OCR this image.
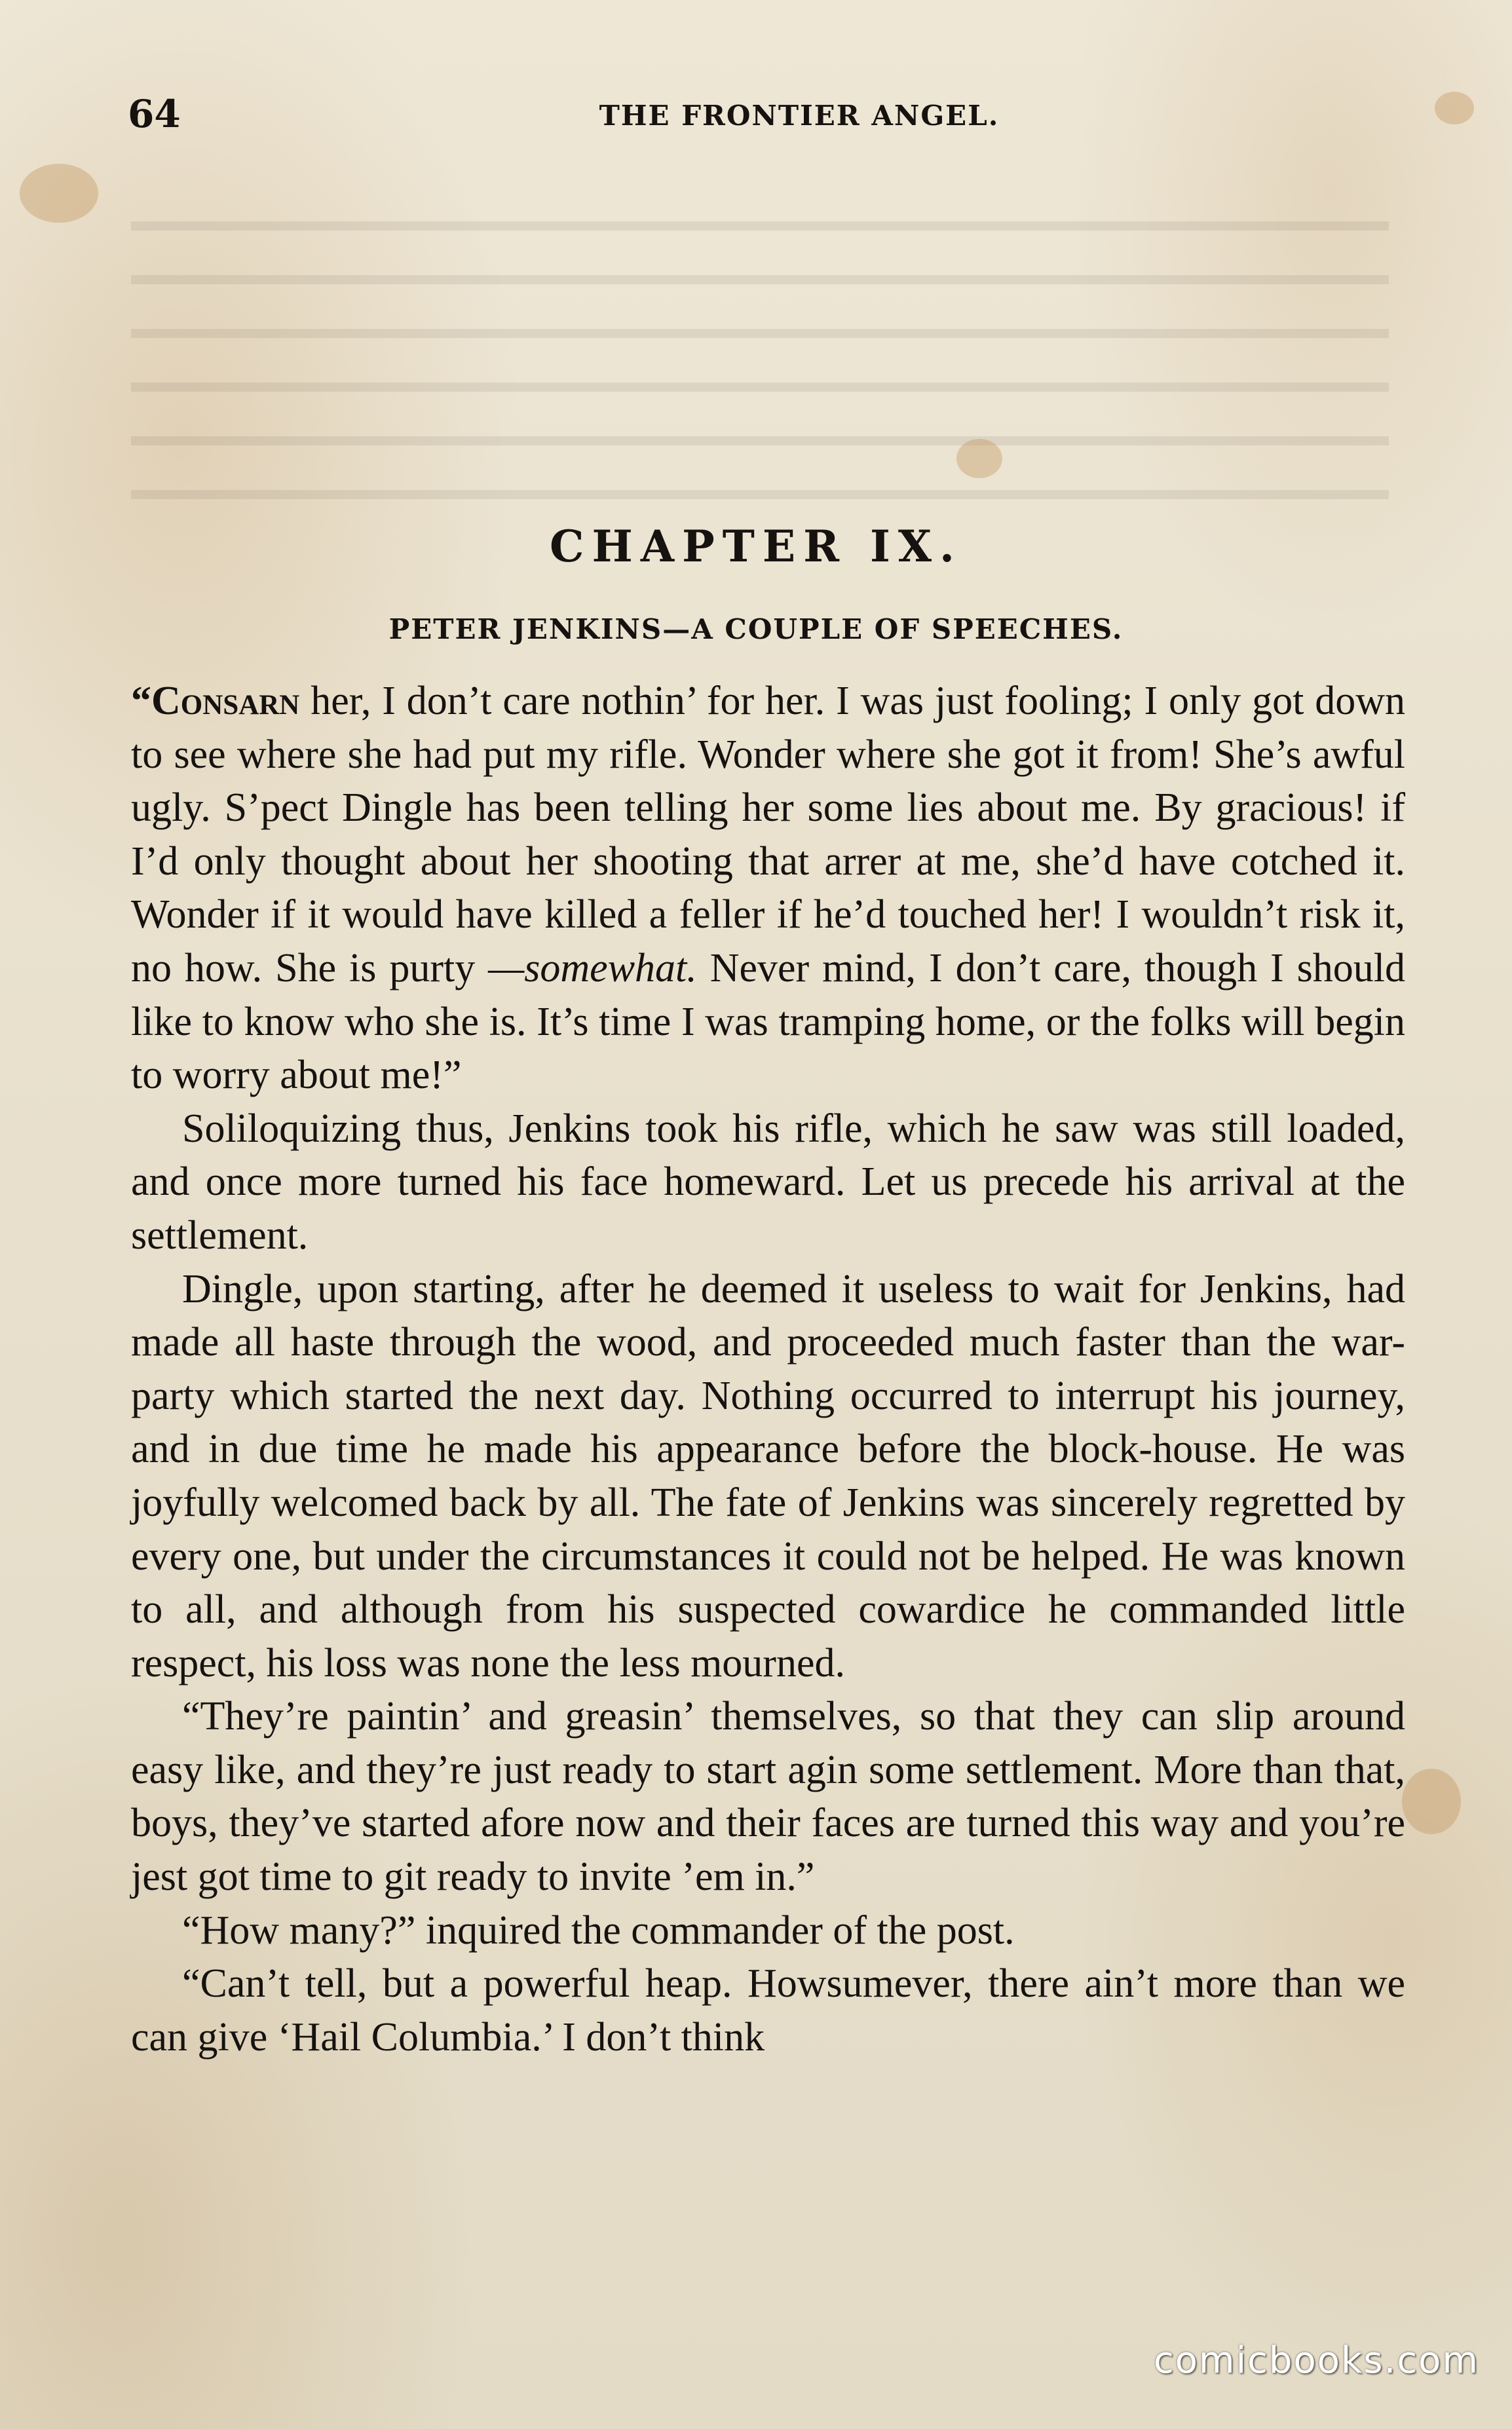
64	THE FRONTIER ANGEL.
CHAPTER IX.
PETER JENKINS—A COUPLE OF SPEECHES.

“Consarn her, I don’t care nothin’ for her. I was just fooling; I only got down to see where she had put my rifle. Wonder where she got it from! She’s awful ugly. S’pect Dingle has been telling her some lies about me. By gracious! if I’d only thought about her shooting that arrer at me, she’d have cotched it. Wonder if it would have killed a feller if he’d touched her! I wouldn’t risk it, no how. She is purty —somewhat. Never mind, I don’t care, though I should like to know who she is. It’s time I was tramping home, or the folks will begin to worry about me!”

Soliloquizing thus, Jenkins took his rifle, which he saw was still loaded, and once more turned his face homeward. Let us precede his arrival at the settlement.

Dingle, upon starting, after he deemed it useless to wait for Jenkins, had made all haste through the wood, and proceeded much faster than the war-party which started the next day. Nothing occurred to interrupt his journey, and in due time he made his appearance before the block-house. He was joyfully welcomed back by all. The fate of Jenkins was sincerely regretted by every one, but under the circumstances it could not be helped. He was known to all, and although from his suspected cowardice he commanded little respect, his loss was none the less mourned.

“They’re paintin’ and greasin’ themselves, so that they can slip around easy like, and they’re just ready to start agin some settlement. More than that, boys, they’ve started afore now and their faces are turned this way and you’re jest got time to git ready to invite ’em in.”

“How many?” inquired the commander of the post.

“Can’t tell, but a powerful heap. Howsumever, there ain’t more than we can give ‘Hail Columbia.’ I don’t think

comicbooks.com
